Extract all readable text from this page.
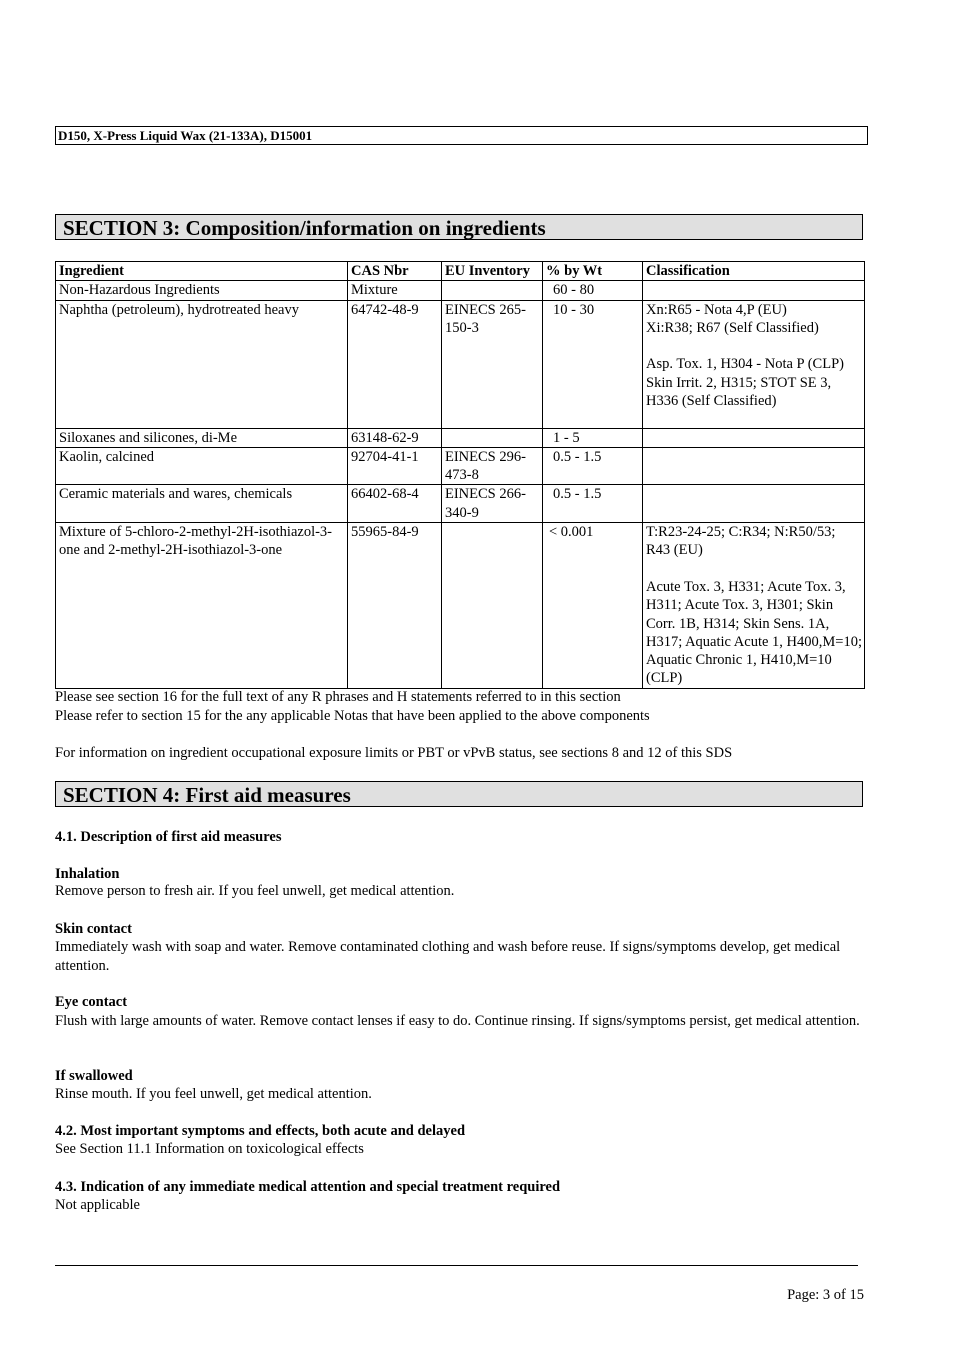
D150, X-Press Liquid Wax (21-133A), D15001
SECTION 3: Composition/information on ingredients
Ingredient	CAS Nbr	EU Inventory	% by Wt	Classification
Non-Hazardous Ingredients	Mixture		60 - 80	
Naphtha (petroleum), hydrotreated heavy	64742-48-9	EINECS 265-150-3	10 - 30	Xn:R65 - Nota 4,P (EU)
Xi:R38; R67 (Self Classified)

Asp. Tox. 1, H304 - Nota P (CLP)
Skin Irrit. 2, H315; STOT SE 3, H336 (Self Classified)
Siloxanes and silicones, di-Me	63148-62-9		1 - 5	
Kaolin, calcined	92704-41-1	EINECS 296-473-8	0.5 - 1.5	
Ceramic materials and wares, chemicals	66402-68-4	EINECS 266-340-9	0.5 - 1.5	
Mixture of 5-chloro-2-methyl-2H-isothiazol-3-one and 2-methyl-2H-isothiazol-3-one	55965-84-9		< 0.001	T:R23-24-25; C:R34; N:R50/53; R43 (EU)

Acute Tox. 3, H331; Acute Tox. 3, H311; Acute Tox. 3, H301; Skin Corr. 1B, H314; Skin Sens. 1A, H317; Aquatic Acute 1, H400,M=10; Aquatic Chronic 1, H410,M=10 (CLP)
Please see section 16 for the full text of any R phrases and H statements referred to in this section
Please refer to section 15 for the any applicable Notas that have been applied to the above components
For information on ingredient occupational exposure limits or PBT or vPvB status, see sections 8 and 12 of this SDS
SECTION 4: First aid measures
4.1. Description of first aid measures
Inhalation
Remove person to fresh air. If you feel unwell, get medical attention.
Skin contact
Immediately wash with soap and water. Remove contaminated clothing and wash before reuse. If signs/symptoms develop, get medical attention.
Eye contact
Flush with large amounts of water. Remove contact lenses if easy to do. Continue rinsing. If signs/symptoms persist, get medical attention.
If swallowed
Rinse mouth. If you feel unwell, get medical attention.
4.2. Most important symptoms and effects, both acute and delayed
See Section 11.1 Information on toxicological effects
4.3. Indication of any immediate medical attention and special treatment required
Not applicable
Page: 3 of 15
